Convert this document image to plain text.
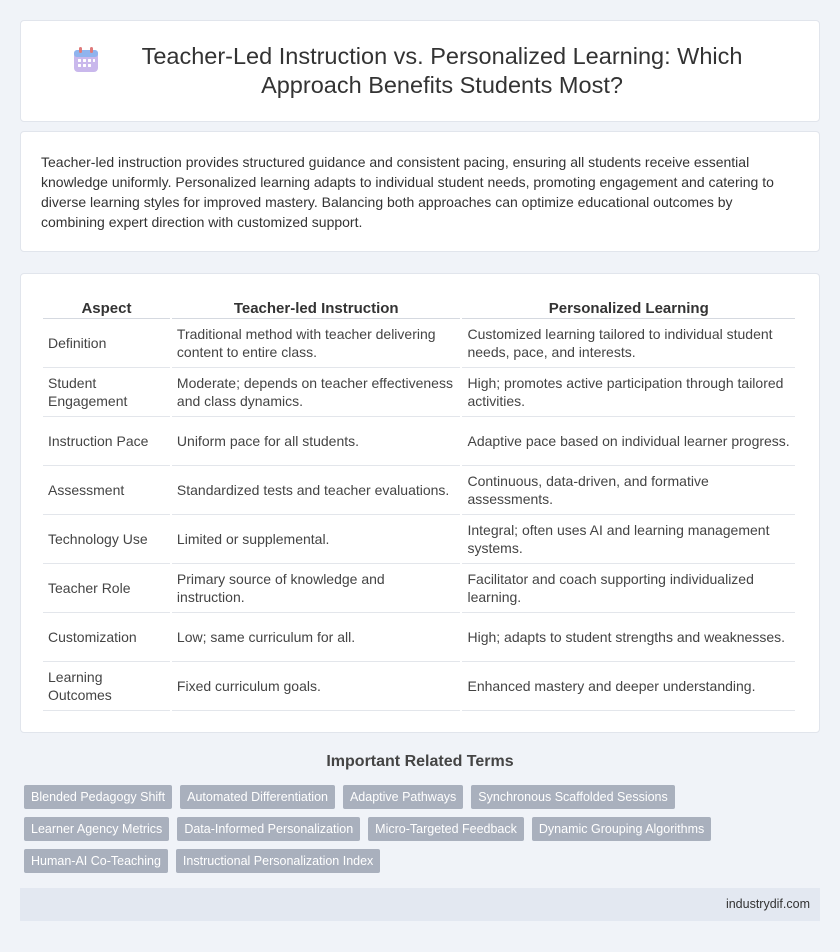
Teacher-Led Instruction vs. Personalized Learning: Which Approach Benefits Students Most?

Teacher-led instruction provides structured guidance and consistent pacing, ensuring all students receive essential knowledge uniformly. Personalized learning adapts to individual student needs, promoting engagement and catering to diverse learning styles for improved mastery. Balancing both approaches can optimize educational outcomes by combining expert direction with customized support.

Aspect	Teacher-led Instruction	Personalized Learning
Definition	Traditional method with teacher delivering content to entire class.	Customized learning tailored to individual student needs, pace, and interests.
Student Engagement	Moderate; depends on teacher effectiveness and class dynamics.	High; promotes active participation through tailored activities.
Instruction Pace	Uniform pace for all students.	Adaptive pace based on individual learner progress.
Assessment	Standardized tests and teacher evaluations.	Continuous, data-driven, and formative assessments.
Technology Use	Limited or supplemental.	Integral; often uses AI and learning management systems.
Teacher Role	Primary source of knowledge and instruction.	Facilitator and coach supporting individualized learning.
Customization	Low; same curriculum for all.	High; adapts to student strengths and weaknesses.
Learning Outcomes	Fixed curriculum goals.	Enhanced mastery and deeper understanding.
Important Related Terms
Blended Pedagogy Shift	Automated Differentiation	Adaptive Pathways	Synchronous Scaffolded Sessions
Learner Agency Metrics	Data-Informed Personalization	Micro-Targeted Feedback	Dynamic Grouping Algorithms
Human-AI Co-Teaching	Instructional Personalization Index
industrydif.com
